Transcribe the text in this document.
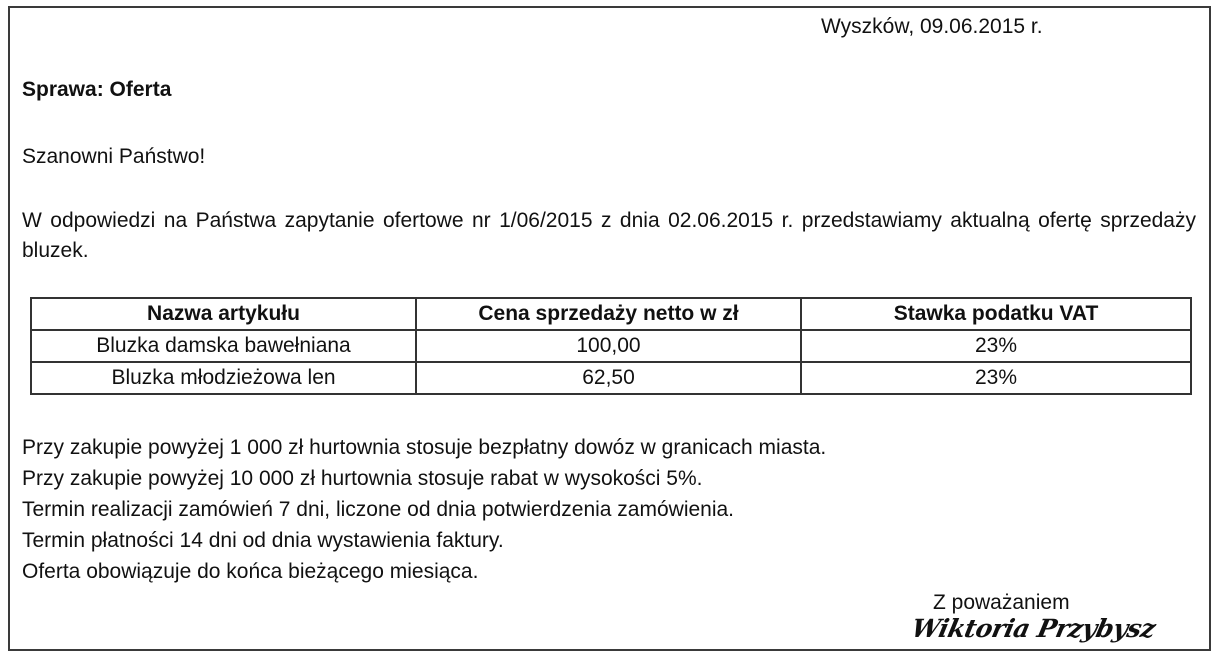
Wyszków, 09.06.2015 r.
Sprawa: Oferta
Szanowni Państwo!
W odpowiedzi na Państwa zapytanie ofertowe nr 1/06/2015 z dnia 02.06.2015 r. przedstawiamy aktualną ofertę sprzedaży bluzek.
Nazwa artykułu	Cena sprzedaży netto w zł	Stawka podatku VAT
Bluzka damska bawełniana	100,00	23%
Bluzka młodzieżowa len	62,50	23%
Przy zakupie powyżej 1 000 zł hurtownia stosuje bezpłatny dowóz w granicach miasta.
Przy zakupie powyżej 10 000 zł hurtownia stosuje rabat w wysokości 5%.
Termin realizacji zamówień 7 dni, liczone od dnia potwierdzenia zamówienia.
Termin płatności 14 dni od dnia wystawienia faktury.
Oferta obowiązuje do końca bieżącego miesiąca.
Z poważaniem
Wiktoria Przybysz
